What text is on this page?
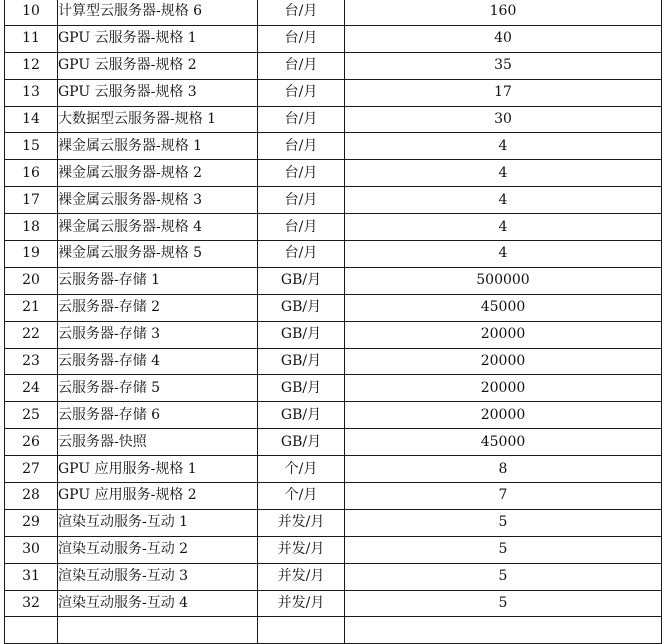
10	计算型云服务器-规格 6	台/月	160
11	GPU 云服务器-规格 1	台/月	40
12	GPU 云服务器-规格 2	台/月	35
13	GPU 云服务器-规格 3	台/月	17
14	大数据型云服务器-规格 1	台/月	30
15	裸金属云服务器-规格 1	台/月	4
16	裸金属云服务器-规格 2	台/月	4
17	裸金属云服务器-规格 3	台/月	4
18	裸金属云服务器-规格 4	台/月	4
19	裸金属云服务器-规格 5	台/月	4
20	云服务器-存储 1	GB/月	500000
21	云服务器-存储 2	GB/月	45000
22	云服务器-存储 3	GB/月	20000
23	云服务器-存储 4	GB/月	20000
24	云服务器-存储 5	GB/月	20000
25	云服务器-存储 6	GB/月	20000
26	云服务器-快照	GB/月	45000
27	GPU 应用服务-规格 1	个/月	8
28	GPU 应用服务-规格 2	个/月	7
29	渲染互动服务-互动 1	并发/月	5
30	渲染互动服务-互动 2	并发/月	5
31	渲染互动服务-互动 3	并发/月	5
32	渲染互动服务-互动 4	并发/月	5
